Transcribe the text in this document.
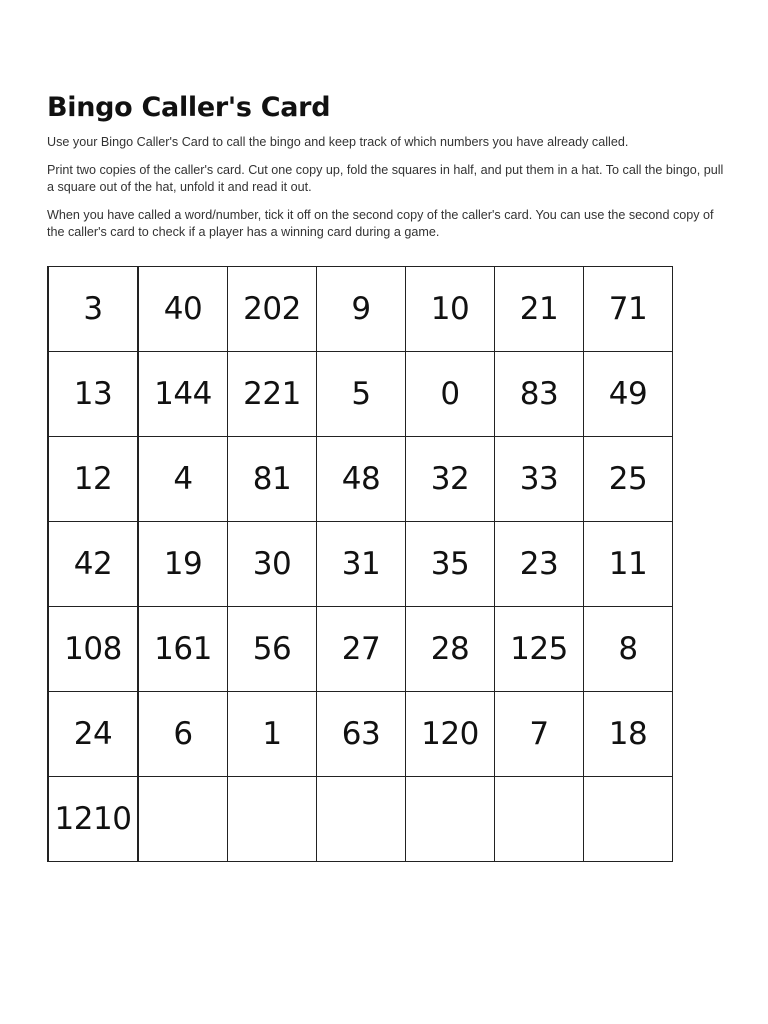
Bingo Caller's Card

Use your Bingo Caller's Card to call the bingo and keep track of which numbers you have already called.

Print two copies of the caller's card. Cut one copy up, fold the squares in half, and put them in a hat. To call the bingo, pull a square out of the hat, unfold it and read it out.

When you have called a word/number, tick it off on the second copy of the caller's card. You can use the second copy of the caller's card to check if a player has a winning card during a game.

3	40	202	9	10	21	71
13	144	221	5	0	83	49
12	4	81	48	32	33	25
42	19	30	31	35	23	11
108	161	56	27	28	125	8
24	6	1	63	120	7	18
1210						
